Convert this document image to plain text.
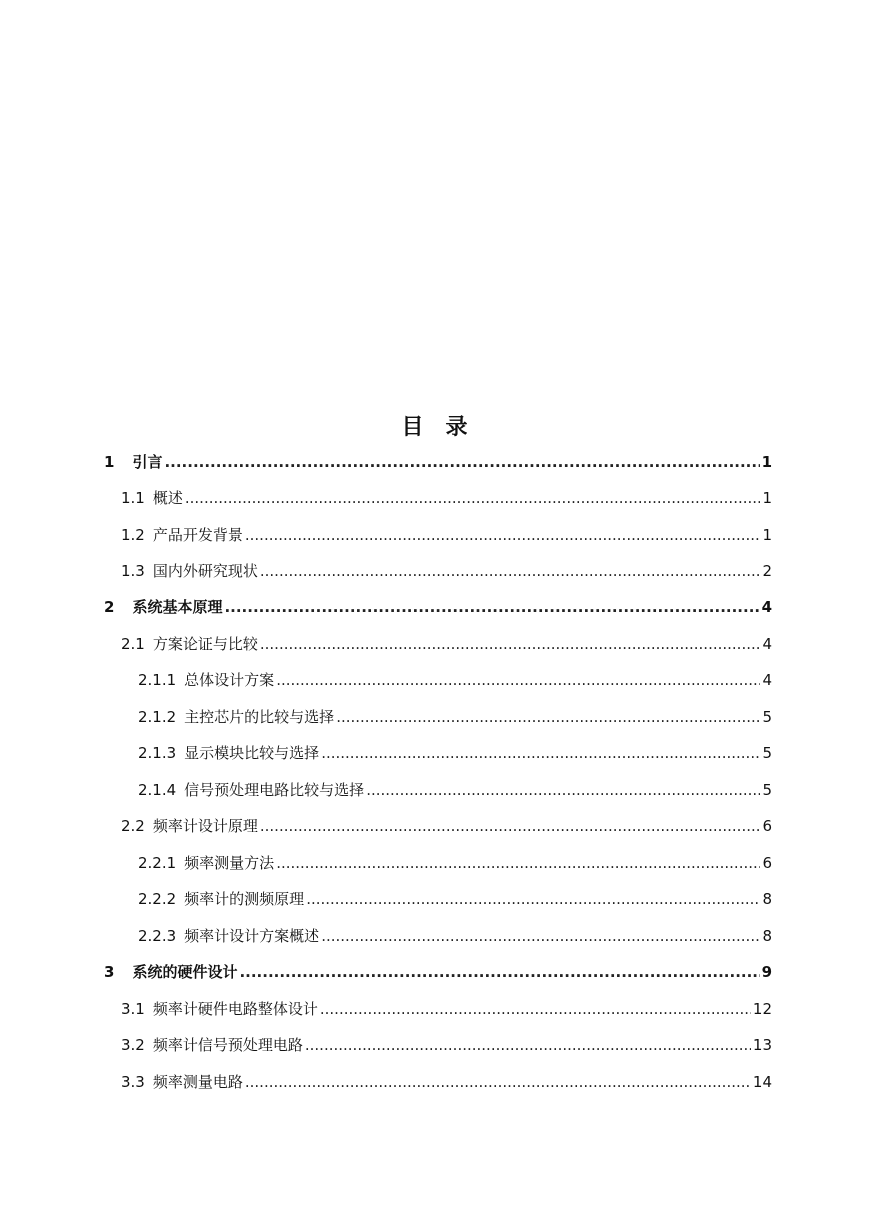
目　录
1	引言 .....	1
1.1 概述 .....	1
1.2 产品开发背景 .....	1
1.3 国内外研究现状 .....	2
2	系统基本原理 .....	4
2.1 方案论证与比较 .....	4
2.1.1 总体设计方案 .....	4
2.1.2 主控芯片的比较与选择 .....	5
2.1.3 显示模块比较与选择 .....	5
2.1.4 信号预处理电路比较与选择 .....	5
2.2 频率计设计原理 .....	6
2.2.1 频率测量方法 .....	6
2.2.2 频率计的测频原理 .....	8
2.2.3 频率计设计方案概述 .....	8
3	系统的硬件设计 .....	9
3.1 频率计硬件电路整体设计 .....	12
3.2 频率计信号预处理电路 .....	13
3.3 频率测量电路 .....	14
